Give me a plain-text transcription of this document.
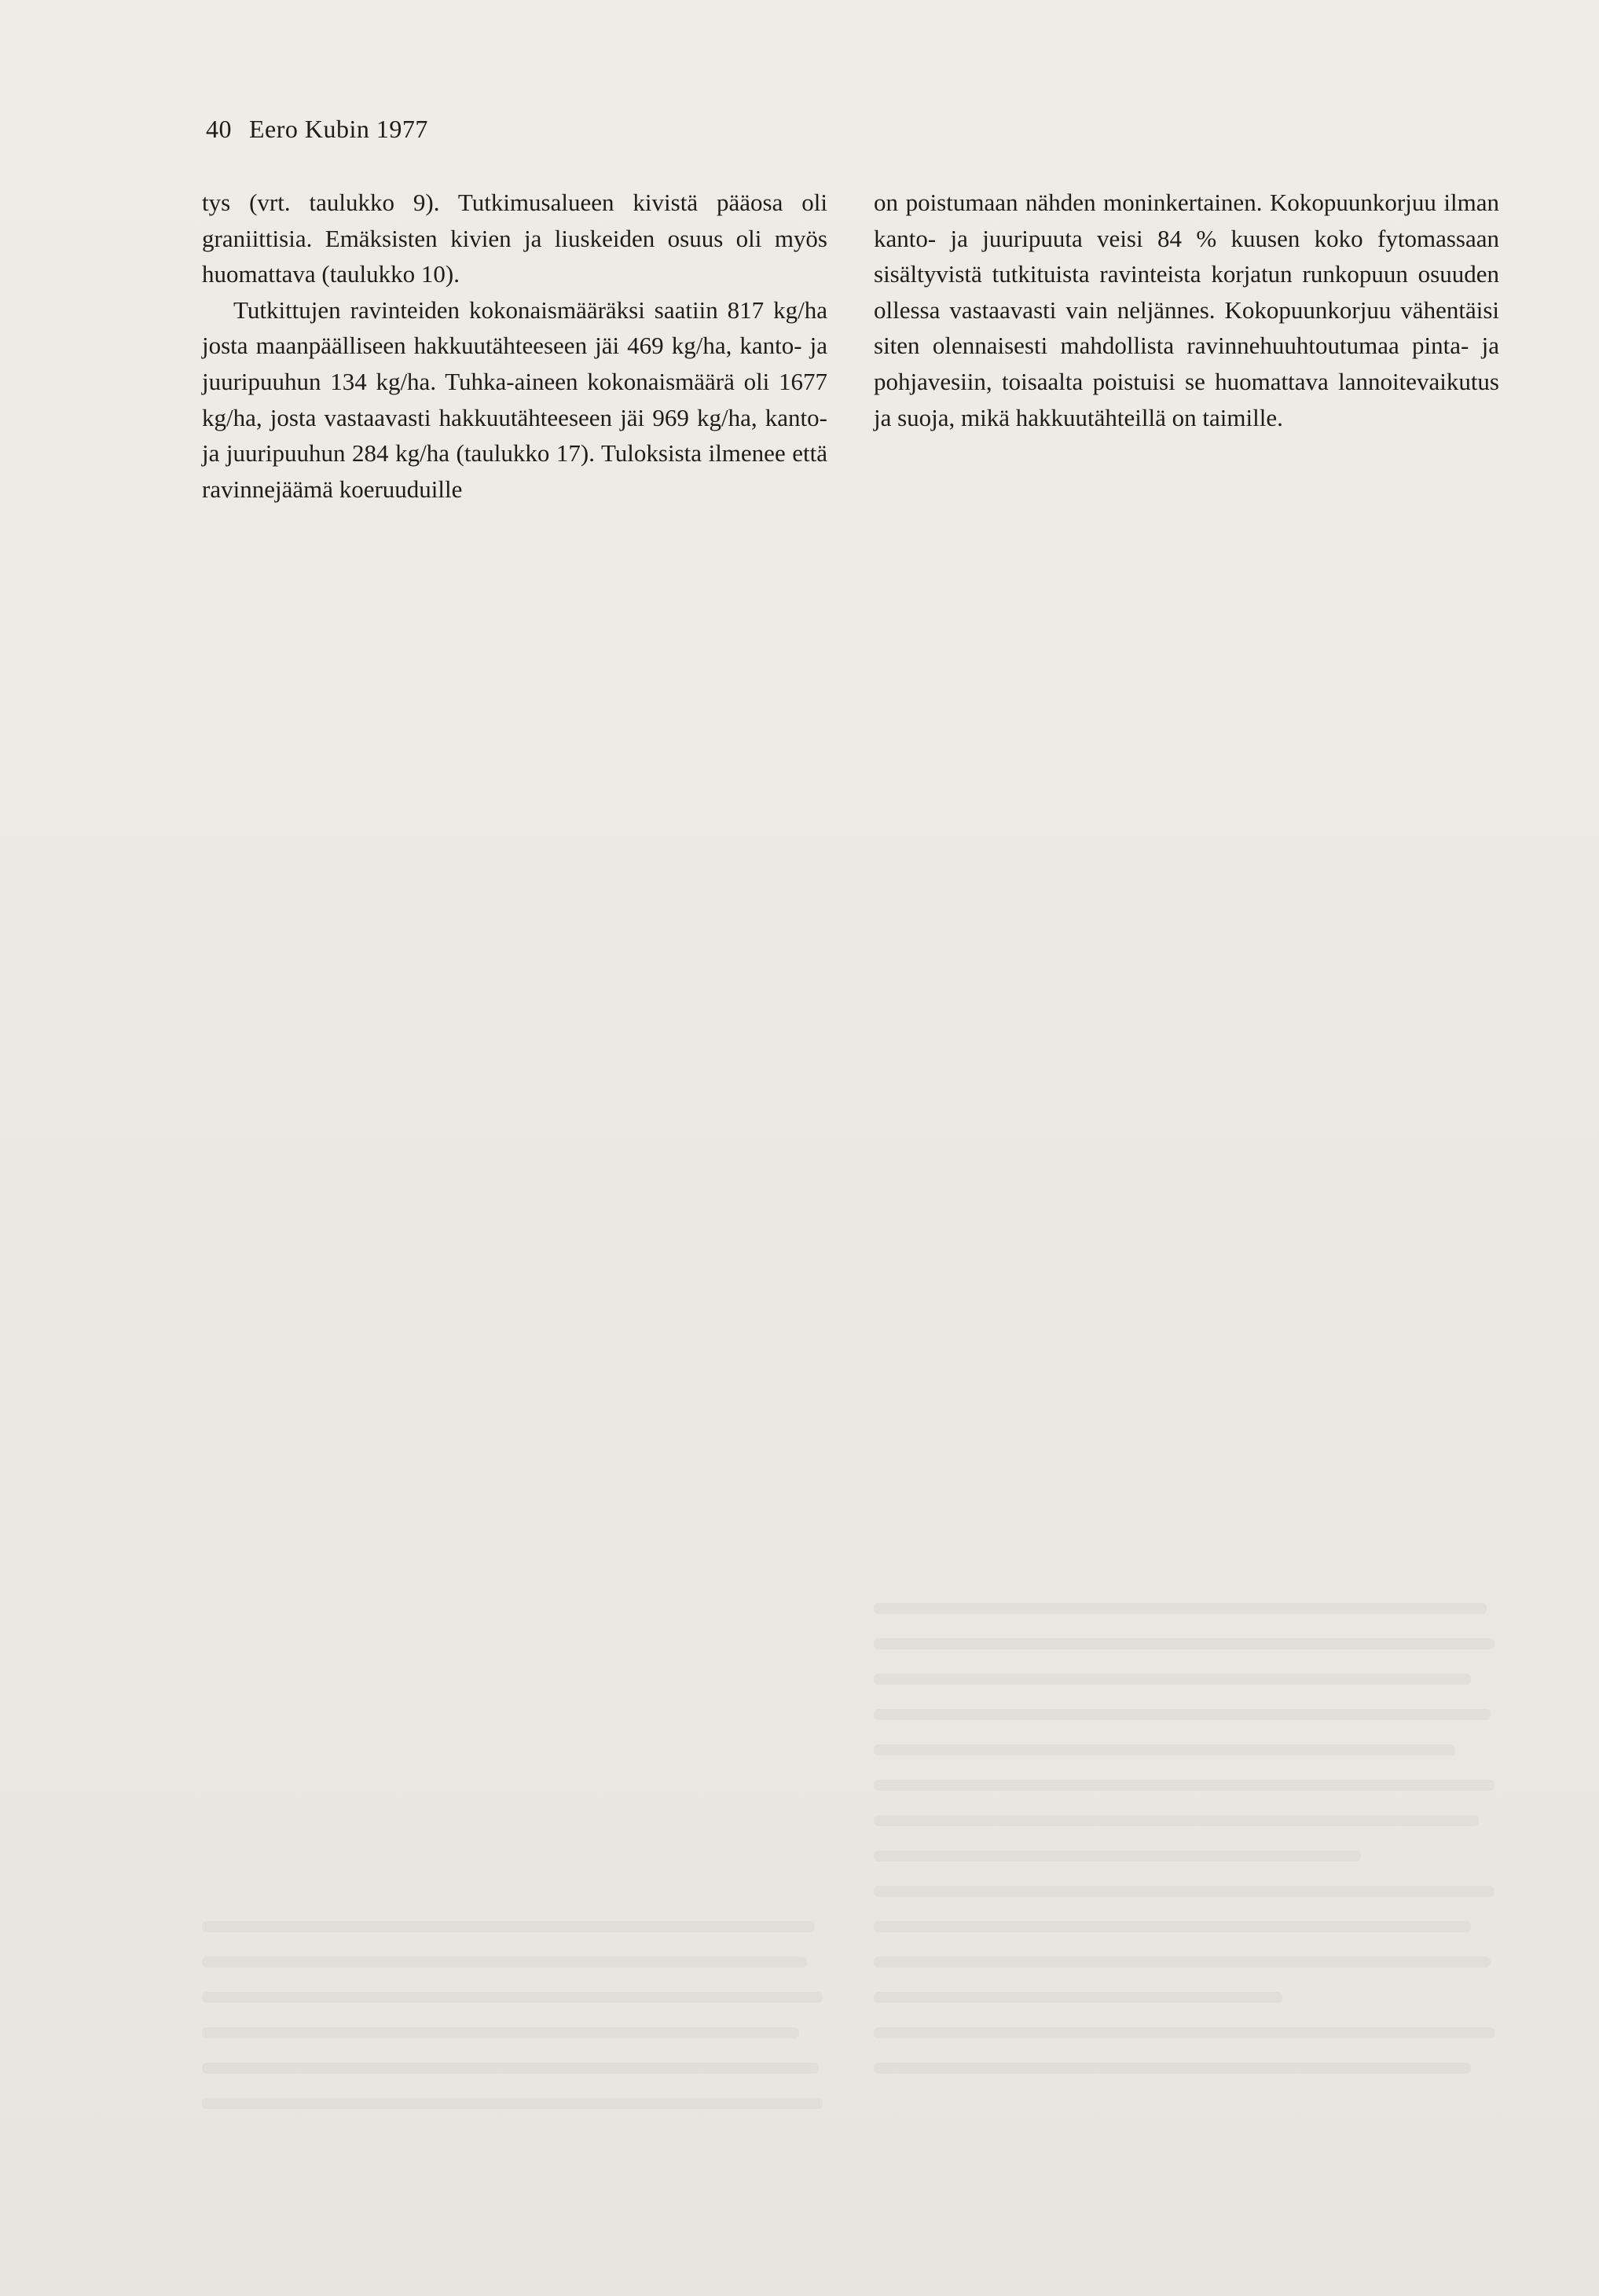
40 Eero Kubin 1977

tys (vrt. taulukko 9). Tutkimusalueen kivistä pääosa oli graniittisia. Emäksisten kivien ja liuskeiden osuus oli myös huomattava (taulukko 10).

Tutkittujen ravinteiden kokonaismääräksi saatiin 817 kg/ha josta maanpäälliseen hakkuutähteeseen jäi 469 kg/ha, kanto- ja juuripuuhun 134 kg/ha. Tuhka-aineen kokonaismäärä oli 1677 kg/ha, josta vastaavasti hakkuutähteeseen jäi 969 kg/ha, kanto- ja juuripuuhun 284 kg/ha (taulukko 17). Tuloksista ilmenee että ravinnejäämä koeruuduille

on poistumaan nähden moninkertainen. Kokopuunkorjuu ilman kanto- ja juuripuuta veisi 84 % kuusen koko fytomassaan sisältyvistä tutkituista ravinteista korjatun runkopuun osuuden ollessa vastaavasti vain neljännes. Kokopuunkorjuu vähentäisi siten olennaisesti mahdollista ravinnehuuhtoutumaa pinta- ja pohjavesiin, toisaalta poistuisi se huomattava lannoitevaikutus ja suoja, mikä hakkuutähteillä on taimille.
